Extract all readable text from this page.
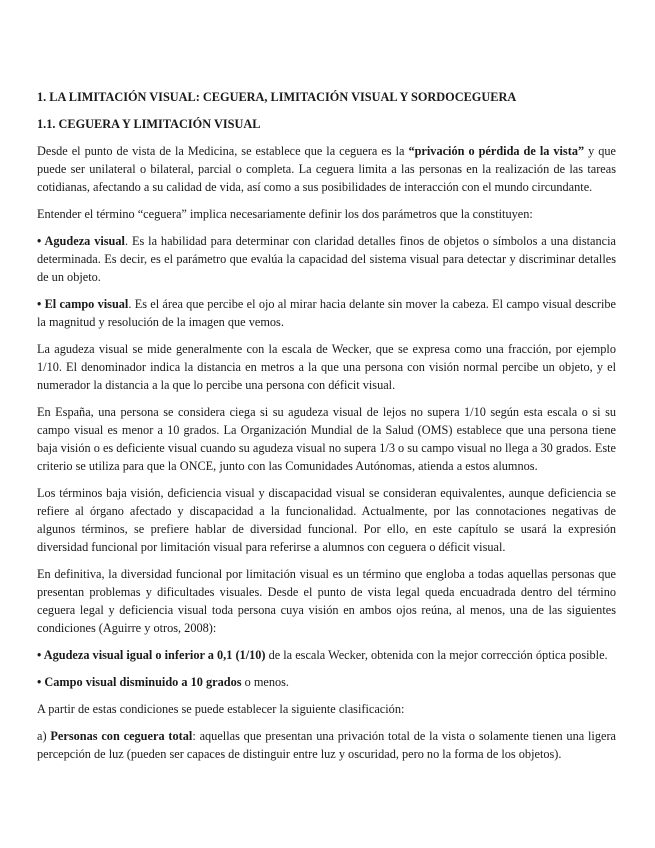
1. LA LIMITACIÓN VISUAL: CEGUERA, LIMITACIÓN VISUAL Y SORDOCEGUERA
1.1. CEGUERA Y LIMITACIÓN VISUAL

Desde el punto de vista de la Medicina, se establece que la ceguera es la “privación o pérdida de la vista” y que puede ser unilateral o bilateral, parcial o completa. La ceguera limita a las personas en la realización de las tareas cotidianas, afectando a su calidad de vida, así como a sus posibilidades de interacción con el mundo circundante.

Entender el término “ceguera” implica necesariamente definir los dos parámetros que la constituyen:

• Agudeza visual. Es la habilidad para determinar con claridad detalles finos de objetos o símbolos a una distancia determinada. Es decir, es el parámetro que evalúa la capacidad del sistema visual para detectar y discriminar detalles de un objeto.

• El campo visual. Es el área que percibe el ojo al mirar hacia delante sin mover la cabeza. El campo visual describe la magnitud y resolución de la imagen que vemos.

La agudeza visual se mide generalmente con la escala de Wecker, que se expresa como una fracción, por ejemplo 1/10. El denominador indica la distancia en metros a la que una persona con visión normal percibe un objeto, y el numerador la distancia a la que lo percibe una persona con déficit visual.

En España, una persona se considera ciega si su agudeza visual de lejos no supera 1/10 según esta escala o si su campo visual es menor a 10 grados. La Organización Mundial de la Salud (OMS) establece que una persona tiene baja visión o es deficiente visual cuando su agudeza visual no supera 1/3 o su campo visual no llega a 30 grados. Este criterio se utiliza para que la ONCE, junto con las Comunidades Autónomas, atienda a estos alumnos.

Los términos baja visión, deficiencia visual y discapacidad visual se consideran equivalentes, aunque deficiencia se refiere al órgano afectado y discapacidad a la funcionalidad. Actualmente, por las connotaciones negativas de algunos términos, se prefiere hablar de diversidad funcional. Por ello, en este capítulo se usará la expresión diversidad funcional por limitación visual para referirse a alumnos con ceguera o déficit visual.

En definitiva, la diversidad funcional por limitación visual es un término que engloba a todas aquellas personas que presentan problemas y dificultades visuales. Desde el punto de vista legal queda encuadrada dentro del término ceguera legal y deficiencia visual toda persona cuya visión en ambos ojos reúna, al menos, una de las siguientes condiciones (Aguirre y otros, 2008):

• Agudeza visual igual o inferior a 0,1 (1/10) de la escala Wecker, obtenida con la mejor corrección óptica posible.

• Campo visual disminuido a 10 grados o menos.

A partir de estas condiciones se puede establecer la siguiente clasificación:

a) Personas con ceguera total: aquellas que presentan una privación total de la vista o solamente tienen una ligera percepción de luz (pueden ser capaces de distinguir entre luz y oscuridad, pero no la forma de los objetos).
